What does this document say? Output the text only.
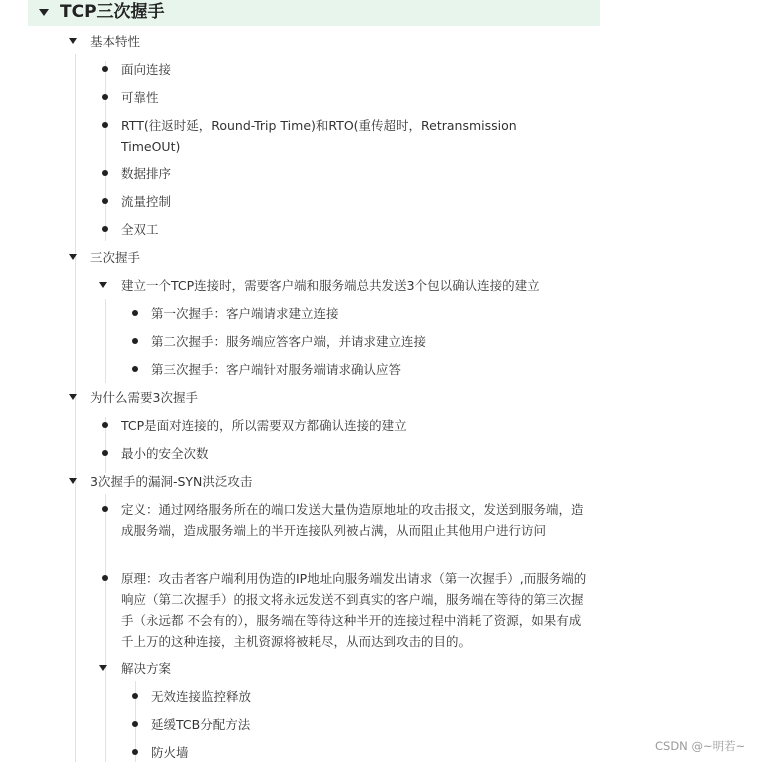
TCP三次握手
基本特性
面向连接
可靠性
RTT(往返时延，Round-Trip Time)和RTO(重传超时，Retransmission TimeOUt)
数据排序
流量控制
全双工
三次握手
建立一个TCP连接时，需要客户端和服务端总共发送3个包以确认连接的建立
第一次握手：客户端请求建立连接
第二次握手：服务端应答客户端，并请求建立连接
第三次握手：客户端针对服务端请求确认应答
为什么需要3次握手
TCP是面对连接的，所以需要双方都确认连接的建立
最小的安全次数
3次握手的漏洞-SYN洪泛攻击
定义：通过网络服务所在的端口发送大量伪造原地址的攻击报文，发送到服务端，造成服务端，造成服务端上的半开连接队列被占满，从而阻止其他用户进行访问
原理：攻击者客户端利用伪造的IP地址向服务端发出请求（第一次握手）,而服务端的响应（第二次握手）的报文将永远发送不到真实的客户端，服务端在等待的第三次握手（永远都 不会有的），服务端在等待这种半开的连接过程中消耗了资源，如果有成千上万的这种连接，主机资源将被耗尽，从而达到攻击的目的。
解决方案
无效连接监控释放
延缓TCB分配方法
防火墙	CSDN @~明若~
